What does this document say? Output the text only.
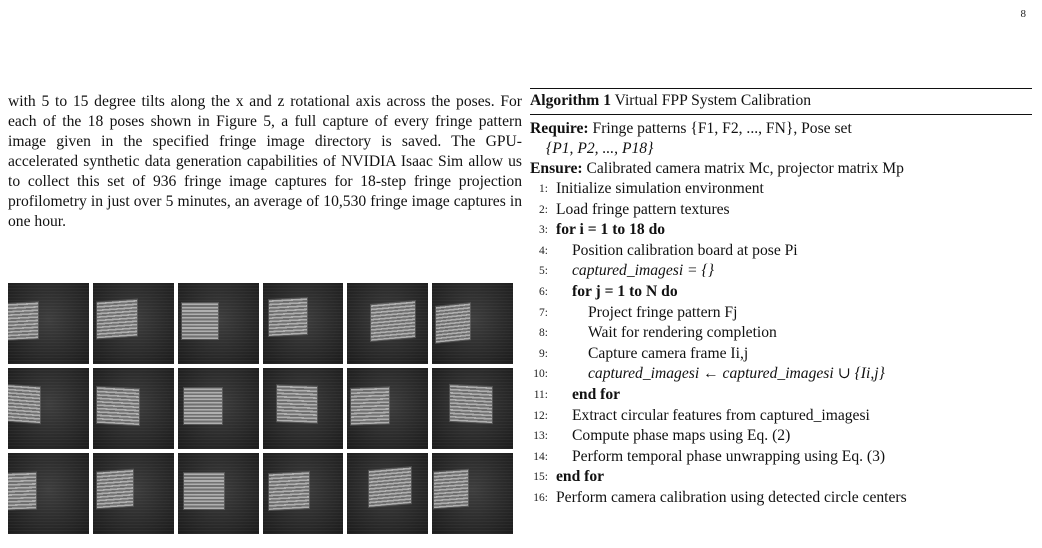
8

with 5 to 15 degree tilts along the x and z rotational axis across the poses. For each of the 18 poses shown in Figure 5, a full capture of every fringe pattern image given in the specified fringe image directory is saved. The GPU-accelerated synthetic data generation capabilities of NVIDIA Isaac Sim allow us to collect this set of 936 fringe image captures for 18-step fringe projection profilometry in just over 5 minutes, an average of 10,530 fringe image captures in one hour.

Algorithm 1 Virtual FPP System Calibration
Require: Fringe patterns {F1, F2, ..., FN}, Pose set
{P1, P2, ..., P18}
Ensure: Calibrated camera matrix Mc, projector matrix Mp
1: Initialize simulation environment
2: Load fringe pattern textures
3: for i = 1 to 18 do
4:	Position calibration board at pose Pi
5:	captured_imagesi = {}
6:	for j = 1 to N do
7:	Project fringe pattern Fj
8:	Wait for rendering completion
9:	Capture camera frame Ii,j
10:	captured_imagesi ← captured_imagesi ∪ {Ii,j}
11:	end for
12:	Extract circular features from captured_imagesi
13:	Compute phase maps using Eq. (2)
14:	Perform temporal phase unwrapping using Eq. (3)
15: end for
16: Perform camera calibration using detected circle centers
